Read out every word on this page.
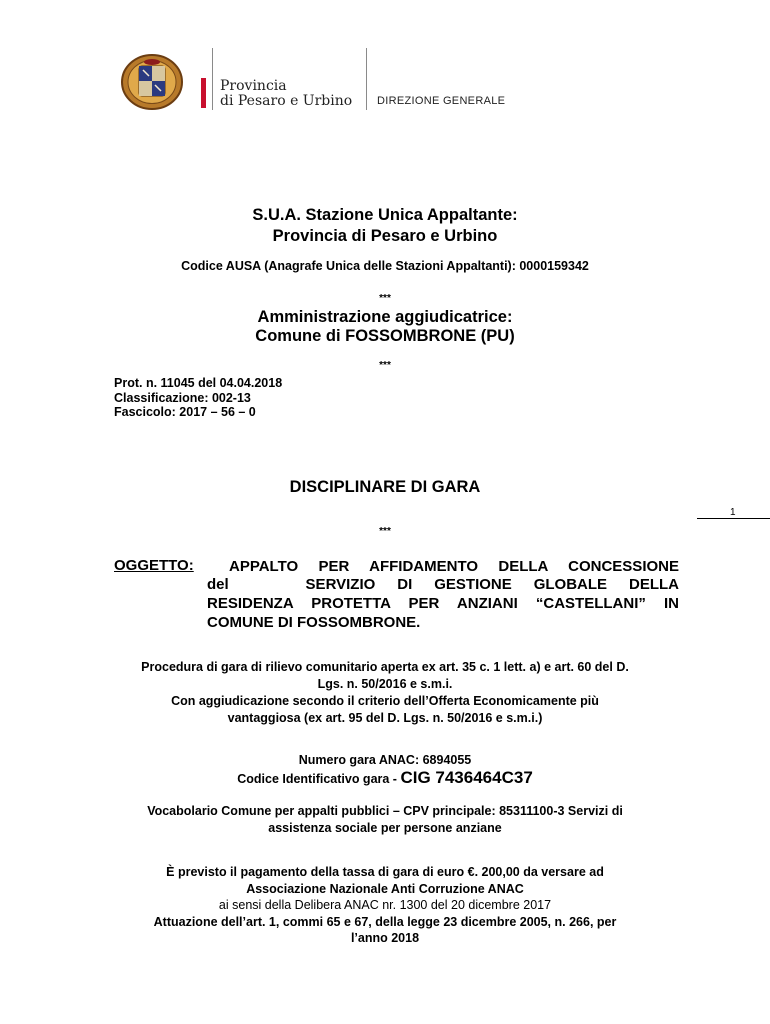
Provincia
di Pesaro e Urbino DIREZIONE GENERALE
S.U.A. Stazione Unica Appaltante:
Provincia di Pesaro e Urbino
Codice AUSA (Anagrafe Unica delle Stazioni Appaltanti): 0000159342
***
Amministrazione aggiudicatrice:
Comune di FOSSOMBRONE (PU)
***
Prot. n. 11045 del 04.04.2018
Classificazione: 002-13
Fascicolo: 2017 – 56 – 0
DISCIPLINARE DI GARA
1
***
OGGETTO: APPALTO PER AFFIDAMENTO DELLA CONCESSIONE
del       SERVIZIO  DI  GESTIONE  GLOBALE  DELLA
RESIDENZA PROTETTA PER ANZIANI “CASTELLANI” IN
COMUNE DI FOSSOMBRONE.
Procedura di gara di rilievo comunitario aperta ex art. 35 c. 1 lett. a) e art. 60 del D.
Lgs. n. 50/2016 e s.m.i.
Con aggiudicazione secondo il criterio dell’Offerta Economicamente più
vantaggiosa (ex art. 95 del D. Lgs. n. 50/2016 e s.m.i.)
Numero gara ANAC: 6894055
Codice Identificativo gara - CIG 7436464C37
Vocabolario Comune per appalti pubblici – CPV principale: 85311100-3 Servizi di
assistenza sociale per persone anziane
È previsto il pagamento della tassa di gara di euro €. 200,00 da versare ad
Associazione Nazionale Anti Corruzione ANAC
ai sensi della Delibera ANAC nr. 1300 del 20 dicembre 2017
Attuazione dell’art. 1, commi 65 e 67, della legge 23 dicembre 2005, n. 266, per
l’anno 2018
